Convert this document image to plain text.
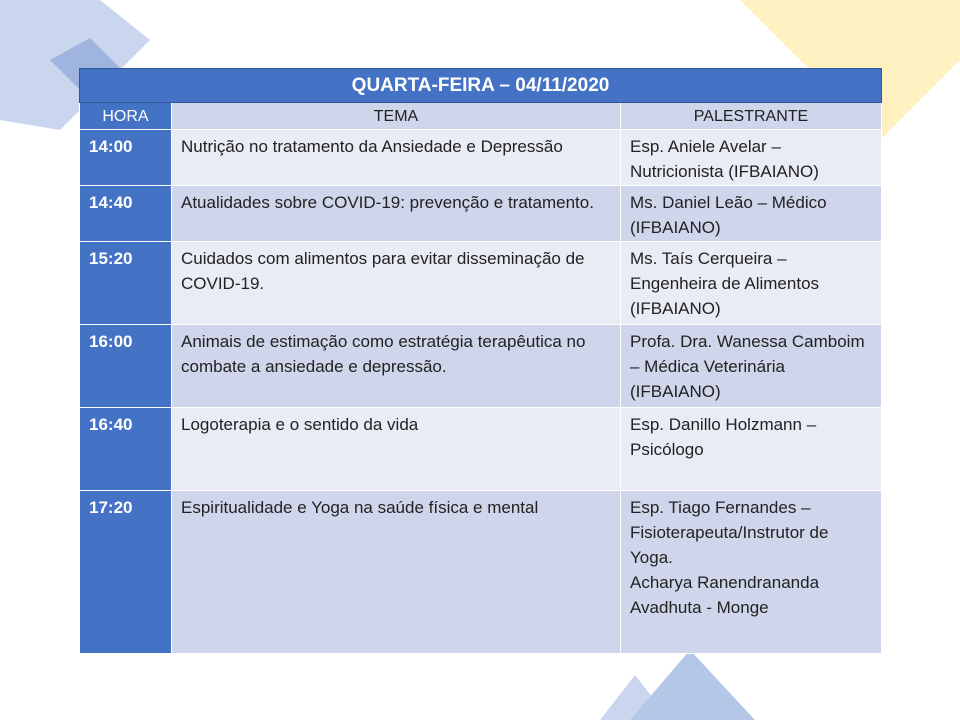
QUARTA-FEIRA – 04/11/2020		
HORA	TEMA	PALESTRANTE
14:00	Nutrição no tratamento da Ansiedade e Depressão	Esp. Aniele Avelar – Nutricionista (IFBAIANO)

14:40	Atualidades sobre COVID-19: prevenção e tratamento.	Ms. Daniel Leão – Médico (IFBAIANO)

15:20	Cuidados com alimentos para evitar disseminação de COVID-19.	Ms. Taís Cerqueira – Engenheira de Alimentos (IFBAIANO)

16:00	Animais de estimação como estratégia terapêutica no combate a ansiedade e depressão.	Profa. Dra. Wanessa Camboim – Médica Veterinária (IFBAIANO)

16:40	Logoterapia e o sentido da vida	Esp. Danillo Holzmann – Psicólogo

17:20	Espiritualidade e Yoga na saúde física e mental	Esp. Tiago Fernandes – Fisioterapeuta/Instrutor de Yoga.
Acharya Ranendrananda Avadhuta - Monge
